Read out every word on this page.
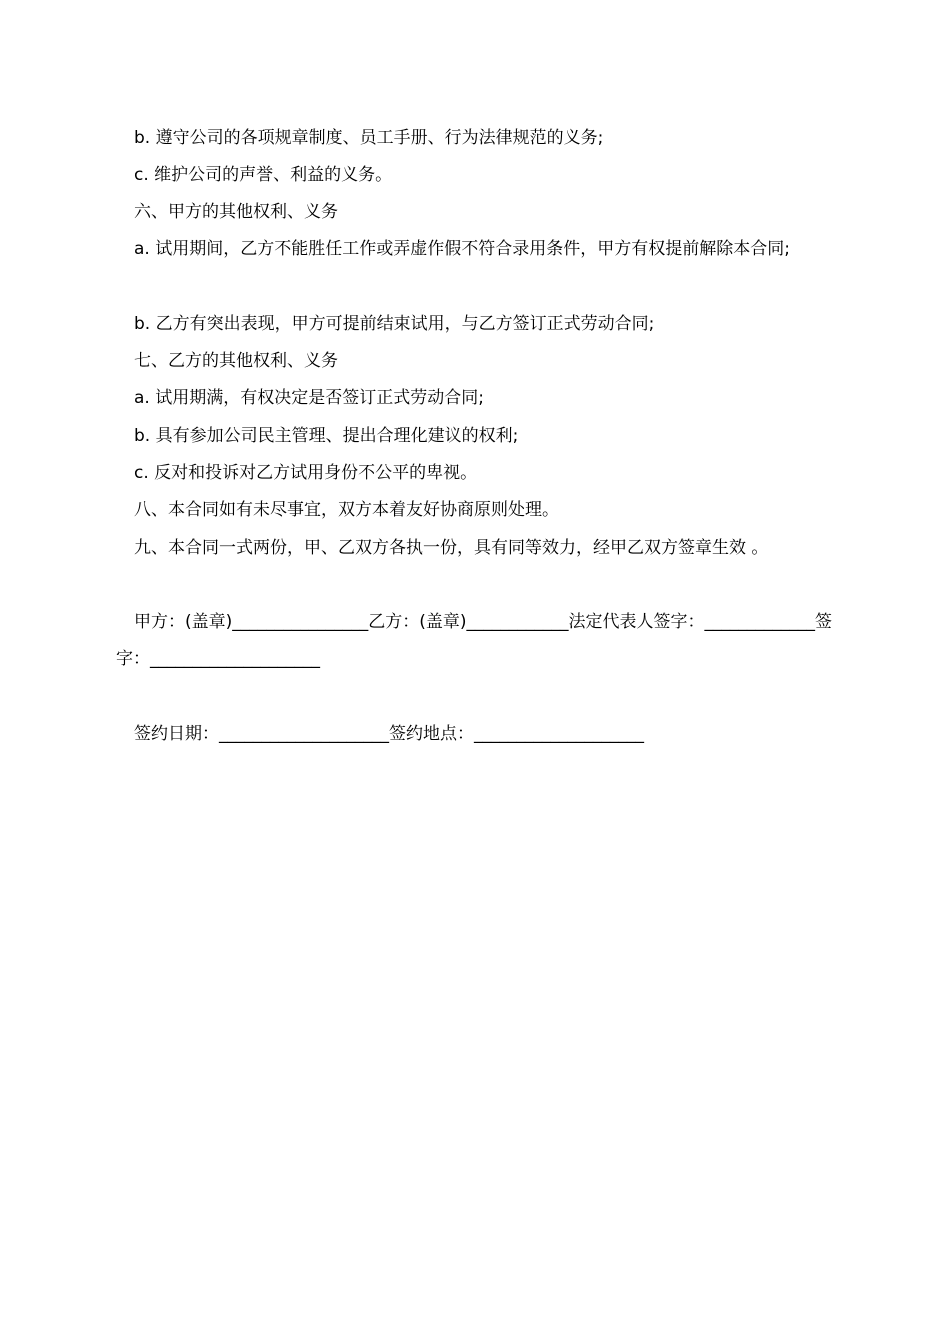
b. 遵守公司的各项规章制度、员工手册、行为法律规范的义务;
c. 维护公司的声誉、利益的义务。
六、甲方的其他权利、义务
a. 试用期间，乙方不能胜任工作或弄虚作假不符合录用条件，甲方有权提前解除本合同;
b. 乙方有突出表现，甲方可提前结束试用，与乙方签订正式劳动合同;
七、乙方的其他权利、义务
a. 试用期满，有权决定是否签订正式劳动合同;
b. 具有参加公司民主管理、提出合理化建议的权利;
c. 反对和投诉对乙方试用身份不公平的卑视。
八、本合同如有未尽事宜，双方本着友好协商原则处理。
九、本合同一式两份，甲、乙双方各执一份，具有同等效力，经甲乙双方签章生效 。
甲方：(盖章)________________乙方：(盖章)____________法定代表人签字：_____________签字：____________________
签约日期：____________________签约地点：____________________
